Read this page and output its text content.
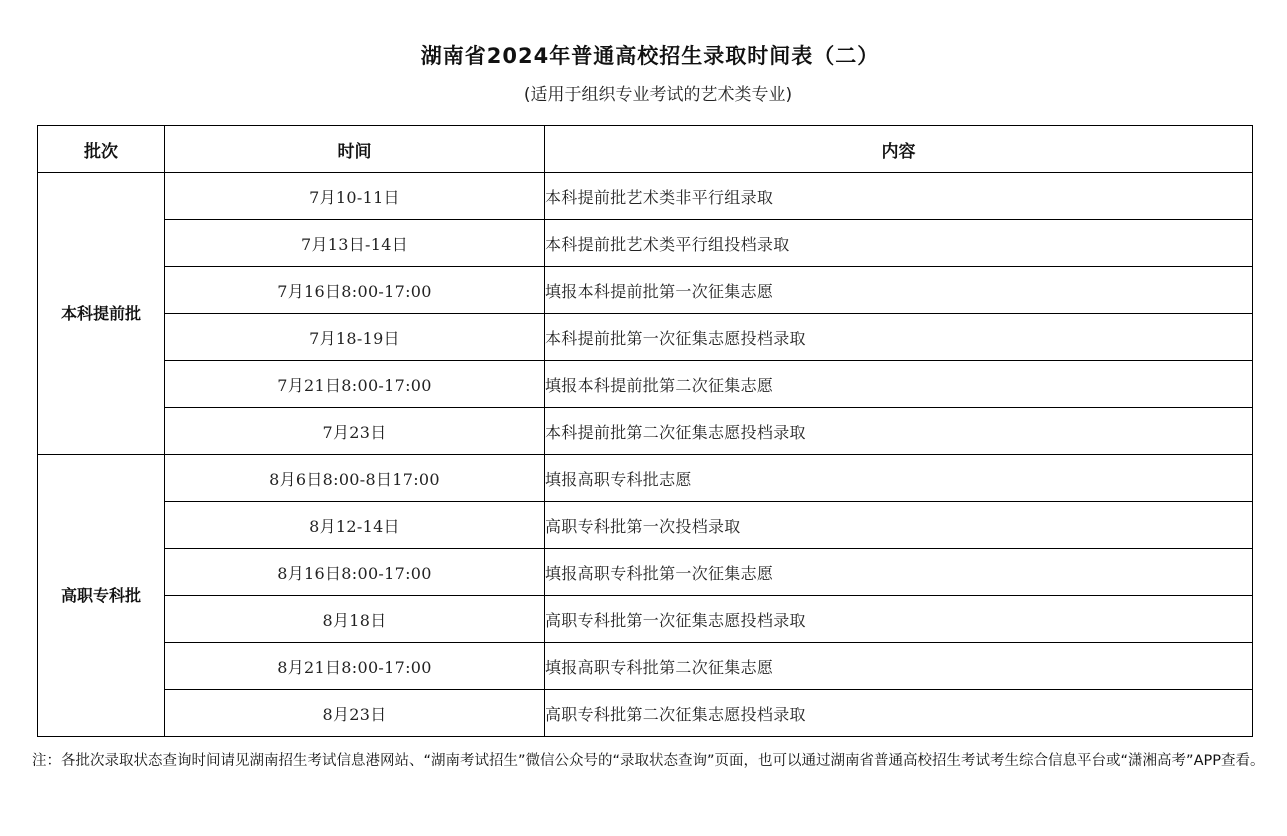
湖南省2024年普通高校招生录取时间表（二）
(适用于组织专业考试的艺术类专业)
批次	时间	内容
本科提前批	7月10-11日	本科提前批艺术类非平行组录取
	7月13日-14日	本科提前批艺术类平行组投档录取
	7月16日8:00-17:00	填报本科提前批第一次征集志愿
	7月18-19日	本科提前批第一次征集志愿投档录取
	7月21日8:00-17:00	填报本科提前批第二次征集志愿
	7月23日	本科提前批第二次征集志愿投档录取
高职专科批	8月6日8:00-8日17:00	填报高职专科批志愿
	8月12-14日	高职专科批第一次投档录取
	8月16日8:00-17:00	填报高职专科批第一次征集志愿
	8月18日	高职专科批第一次征集志愿投档录取
	8月21日8:00-17:00	填报高职专科批第二次征集志愿
	8月23日	高职专科批第二次征集志愿投档录取
注：各批次录取状态查询时间请见湖南招生考试信息港网站、“湖南考试招生”微信公众号的“录取状态查询”页面，也可以通过湖南省普通高校招生考试考生综合信息平台或“潇湘高考”APP查看。
